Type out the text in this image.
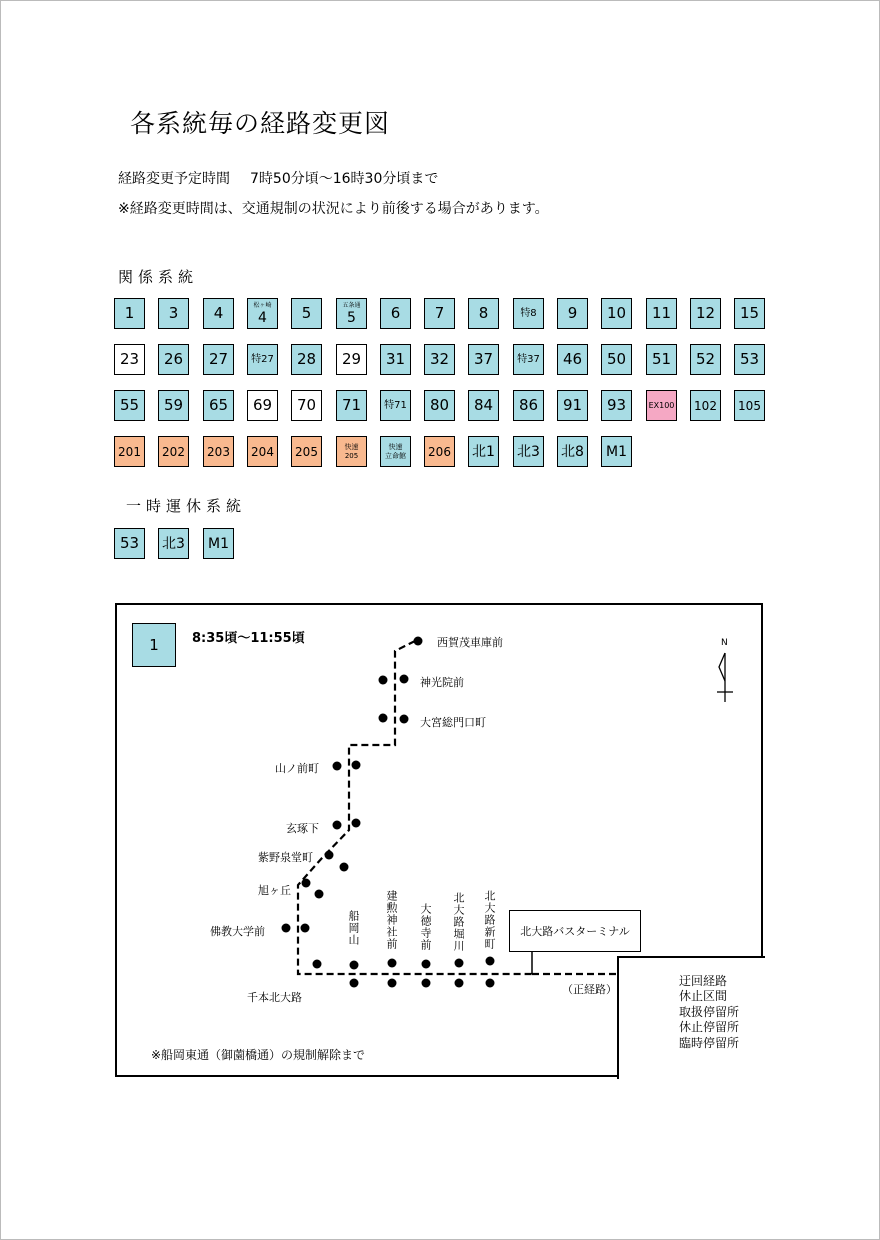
各系統毎の経路変更図
経路変更予定時間 7時50分頃～16時30分頃まで
※経路変更時間は、交通規制の状況により前後する場合があります。
関係系統
1 3 4	松ヶ崎
4 5	五条通
5 6 7 8	特8 9 10 11 12 15
23 26 27 特27 28 29 31 32 37 特37 46 50 51 52 53
55 59 65 69 70 71 特71 80 84 86 91 93	EX100 102 105
201 202 203 204 205	快速
205
快速
立命館 206 北1 北3 北8 M1
一時運休系統
53 北3 M1
1	8:35頃～11:55頃	N
西賀茂車庫前
神光院前
大宮総門口町
山ノ前町
玄琢下
紫野泉堂町
旭ヶ丘
佛教大学前
千本北大路
船岡山 建勲神社前 大徳寺前 北大路堀川 北大路新町	北大路バスターミナル
（正経路）
※船岡東通（御薗橋通）の規制解除まで
迂回経路
休止区間
取扱停留所
休止停留所
臨時停留所
